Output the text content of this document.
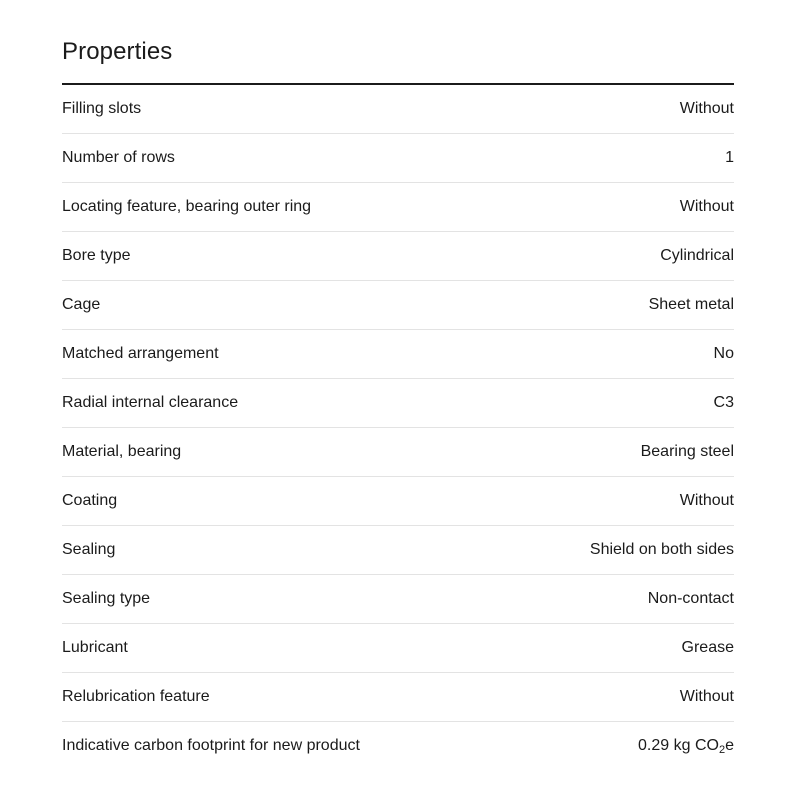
Properties
Filling slots	Without
Number of rows	1
Locating feature, bearing outer ring	Without
Bore type	Cylindrical
Cage	Sheet metal
Matched arrangement	No
Radial internal clearance	C3
Material, bearing	Bearing steel
Coating	Without
Sealing	Shield on both sides
Sealing type	Non-contact
Lubricant	Grease
Relubrication feature	Without
Indicative carbon footprint for new product	0.29 kg $CO_2e$
